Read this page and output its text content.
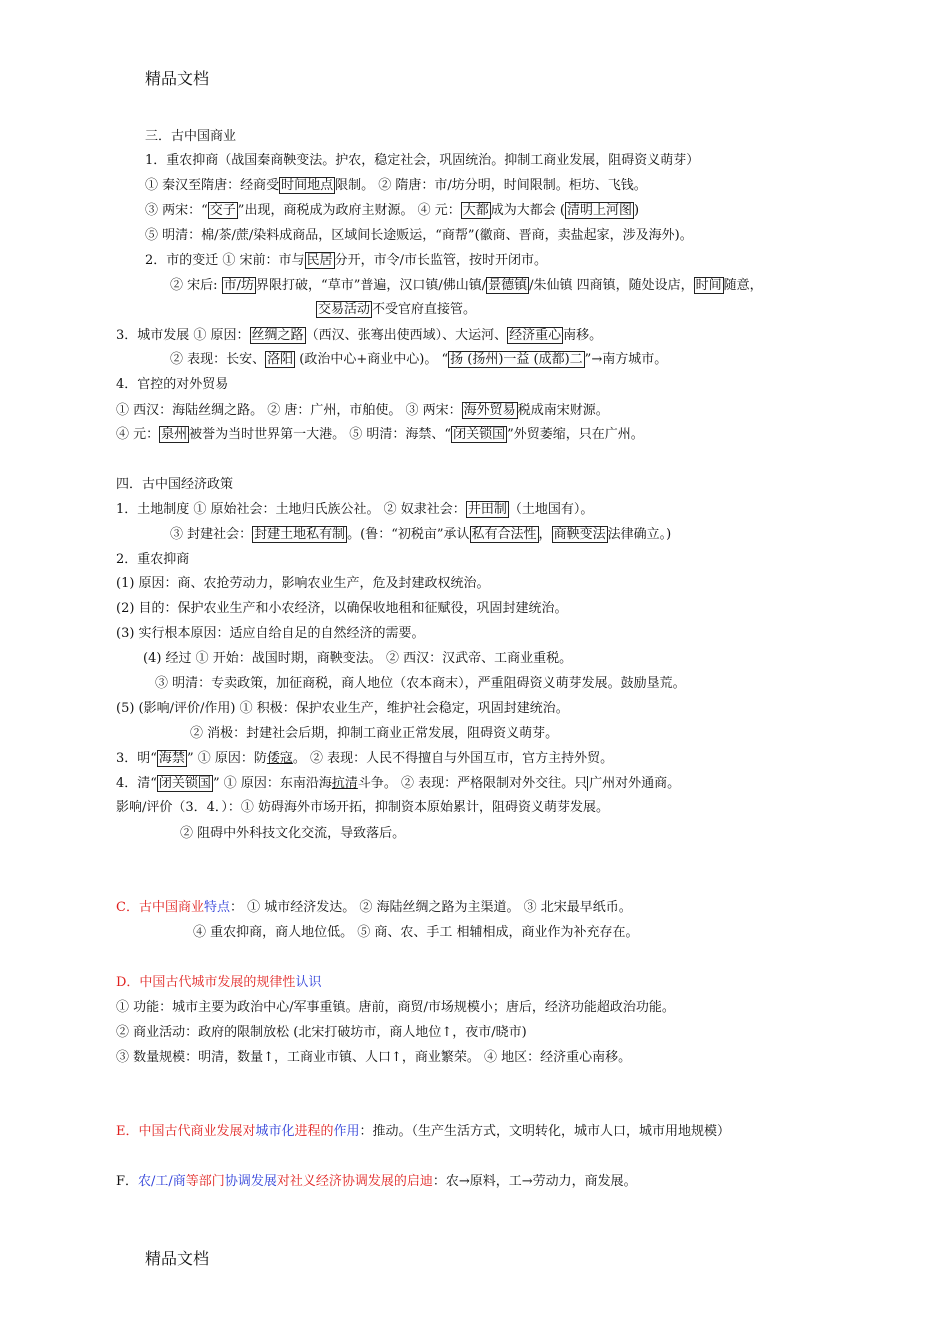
精品文档
三．古中国商业
1．重农抑商（战国秦商鞅变法。护农，稳定社会，巩固统治。抑制工商业发展，阻碍资义萌芽）
① 秦汉至隋唐：经商受 时间地点 限制。 ② 隋唐：市/坊分明，时间限制。柜坊、飞钱。
③ 两宋：“ 交子 ”出现，商税成为政府主财源。 ④ 元： 大都 成为大都会 ( 清明上河图 )
⑤ 明清：棉/茶/蔗/染料成商品，区域间长途贩运，“商帮”(徽商、晋商，卖盐起家，涉及海外)。
2．市的变迁 ① 宋前：市与 民居 分开，市令/市长监管，按时开闭市。
② 宋后: 市/坊 界限打破，“草市”普遍，汉口镇/佛山镇/ 景德镇 /朱仙镇 四商镇，随处设店， 时间 随意，
交易活动 不受官府直接管。
3．城市发展 ① 原因： 丝绸之路 （西汉、张骞出使西域）、大运河、 经济重心 南移。
② 表现：长安、 洛阳 (政治中心+商业中心)。 “ 扬 (扬州)一益 (成都)二 ”→南方城市。
4．官控的对外贸易
① 西汉：海陆丝绸之路。 ② 唐：广州，市舶使。 ③ 两宋： 海外贸易 税成南宋财源。
④ 元： 泉州 被誉为当时世界第一大港。 ⑤ 明清：海禁、“ 闭关锁国 ”外贸萎缩，只在广州。
四．古中国经济政策
1．土地制度 ① 原始社会：土地归氏族公社。 ② 奴隶社会： 井田制 （土地国有）。
③ 封建社会： 封建土地私有制 。(鲁：“初税亩”承认 私有合法性 ， 商鞅变法 法律确立。)
2．重农抑商
(1) 原因：商、农抢劳动力，影响农业生产，危及封建政权统治。
(2) 目的：保护农业生产和小农经济，以确保收地租和征赋役，巩固封建统治。
(3) 实行根本原因：适应自给自足的自然经济的需要。
(4) 经过 ① 开始：战国时期，商鞅变法。 ② 西汉：汉武帝、工商业重税。
③ 明清：专卖政策，加征商税，商人地位（农本商末），严重阻碍资义萌芽发展。鼓励垦荒。
(5) (影响/评价/作用) ① 积极：保护农业生产，维护社会稳定，巩固封建统治。
② 消极：封建社会后期，抑制工商业正常发展，阻碍资义萌芽。
3．明“ 海禁 ” ① 原因：防倭寇。 ② 表现：人民不得擅自与外国互市，官方主持外贸。
4．清“ 闭关锁国 ” ① 原因：东南沿海抗清斗争。 ② 表现：严格限制对外交往。只 广州对外通商。
影响/评价（3．4．）：① 妨碍海外市场开拓，抑制资本原始累计，阻碍资义萌芽发展。
② 阻碍中外科技文化交流，导致落后。
C．古中国商业特点： ① 城市经济发达。 ② 海陆丝绸之路为主渠道。 ③ 北宋最早纸币。
④ 重农抑商，商人地位低。 ⑤ 商、农、手工 相辅相成，商业作为补充存在。
D．中国古代城市发展的规律性认识
① 功能：城市主要为政治中心/军事重镇。唐前，商贸/市场规模小；唐后，经济功能超政治功能。
② 商业活动：政府的限制放松 (北宋打破坊市，商人地位↑，夜市/晓市)
③ 数量规模：明清，数量↑，工商业市镇、人口↑，商业繁荣。 ④ 地区：经济重心南移。
E．中国古代商业发展对城市化进程的作用：推动。（生产生活方式，文明转化，城市人口，城市用地规模）
F．农/工/商等部门协调发展对社义经济协调发展的启迪：农→原料，工→劳动力，商发展。
精品文档
